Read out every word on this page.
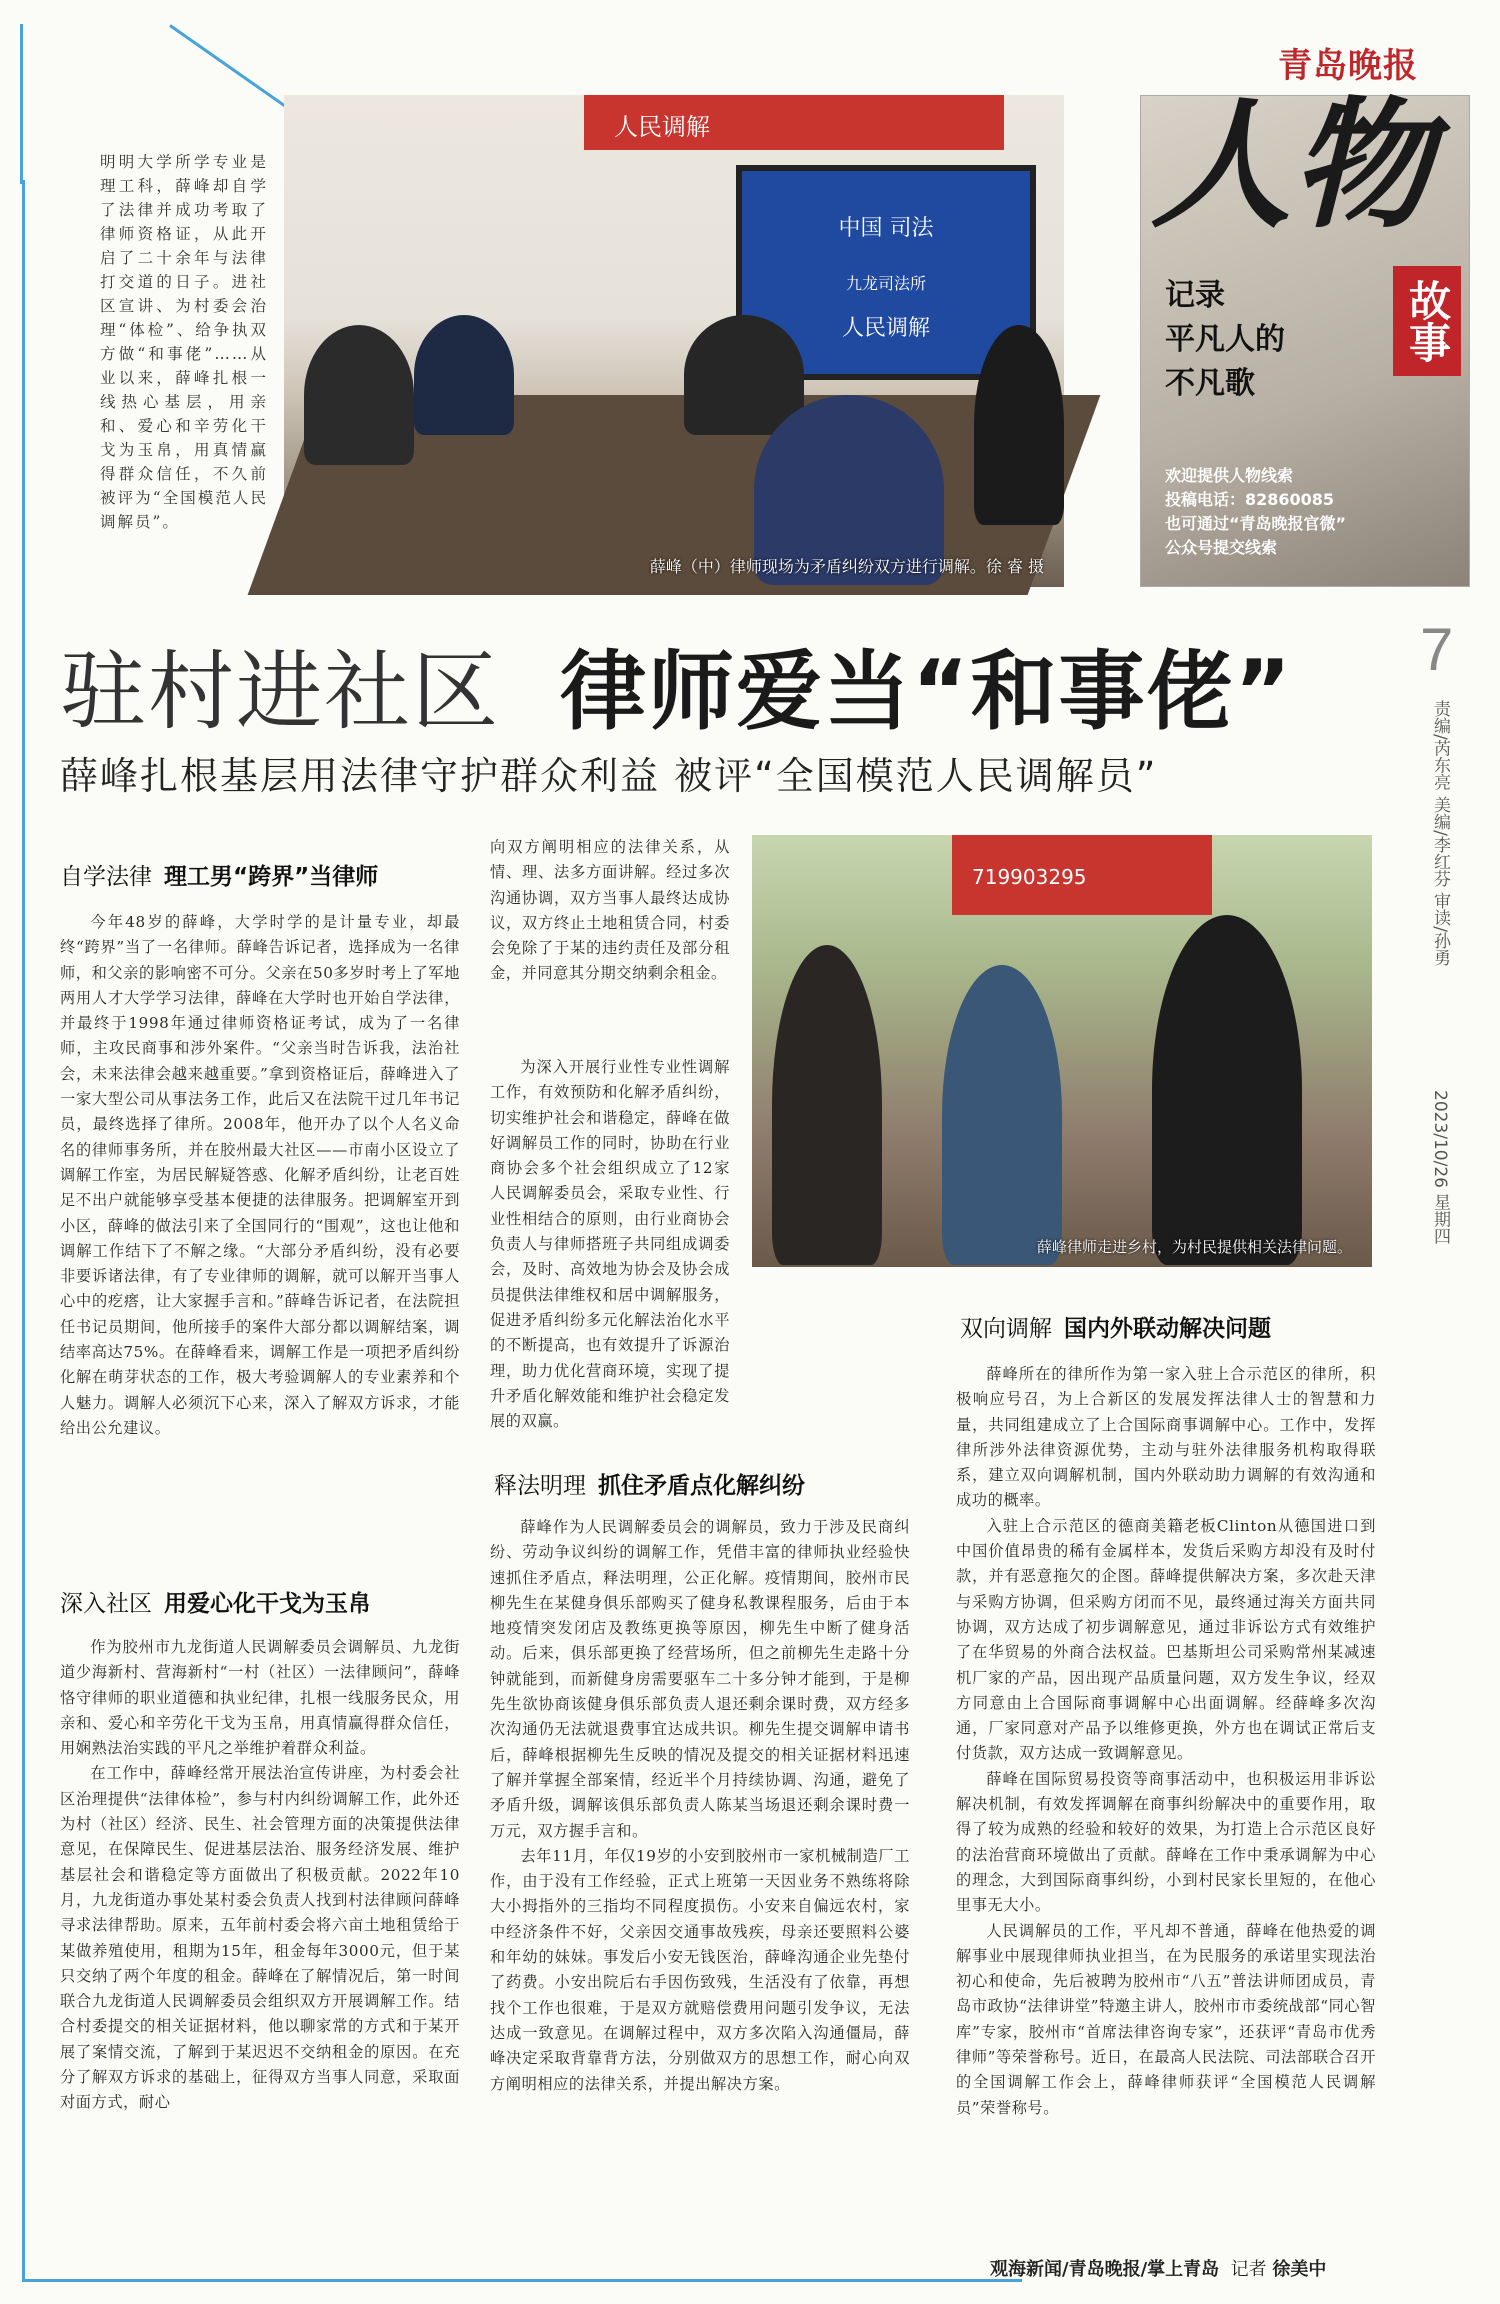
明明大学所学专业是理工科，薛峰却自学了法律并成功考取了律师资格证，从此开启了二十余年与法律打交道的日子。进社区宣讲、为村委会治理“体检”、给争执双方做“和事佬”……从业以来，薛峰扎根一线热心基层，用亲和、爱心和辛劳化干戈为玉帛，用真情赢得群众信任，不久前被评为“全国模范人民调解员”。
人民调解
中国 司法
九龙司法所
人民调解
薛峰（中）律师现场为矛盾纠纷双方进行调解。徐 睿 摄
青岛晚报
人物
故事
记录
平凡人的
不凡歌
欢迎提供人物线索
投稿电话：82860085
也可通过“青岛晚报官微”
公众号提交线索
7
责编/芮东亮 美编/李红芬 审读/孙勇
2023/10/26 星期四
驻村进社区 律师爱当“和事佬”
薛峰扎根基层用法律守护群众利益 被评“全国模范人民调解员”
自学法律 理工男“跨界”当律师

今年48岁的薛峰，大学时学的是计量专业，却最终“跨界”当了一名律师。薛峰告诉记者，选择成为一名律师，和父亲的影响密不可分。父亲在50多岁时考上了军地两用人才大学学习法律，薛峰在大学时也开始自学法律，并最终于1998年通过律师资格证考试，成为了一名律师，主攻民商事和涉外案件。“父亲当时告诉我，法治社会，未来法律会越来越重要。”拿到资格证后，薛峰进入了一家大型公司从事法务工作，此后又在法院干过几年书记员，最终选择了律所。2008年，他开办了以个人名义命名的律师事务所，并在胶州最大社区——市南小区设立了调解工作室，为居民解疑答惑、化解矛盾纠纷，让老百姓足不出户就能够享受基本便捷的法律服务。把调解室开到小区，薛峰的做法引来了全国同行的“围观”，这也让他和调解工作结下了不解之缘。“大部分矛盾纠纷，没有必要非要诉诸法律，有了专业律师的调解，就可以解开当事人心中的疙瘩，让大家握手言和。”薛峰告诉记者，在法院担任书记员期间，他所接手的案件大部分都以调解结案，调结率高达75%。在薛峰看来，调解工作是一项把矛盾纠纷化解在萌芽状态的工作，极大考验调解人的专业素养和个人魅力。调解人必须沉下心来，深入了解双方诉求，才能给出公允建议。

深入社区 用爱心化干戈为玉帛

作为胶州市九龙街道人民调解委员会调解员、九龙街道少海新村、营海新村“一村（社区）一法律顾问”，薛峰恪守律师的职业道德和执业纪律，扎根一线服务民众，用亲和、爱心和辛劳化干戈为玉帛，用真情赢得群众信任，用娴熟法治实践的平凡之举维护着群众利益。

在工作中，薛峰经常开展法治宣传讲座，为村委会社区治理提供“法律体检”，参与村内纠纷调解工作，此外还为村（社区）经济、民生、社会管理方面的决策提供法律意见，在保障民生、促进基层法治、服务经济发展、维护基层社会和谐稳定等方面做出了积极贡献。2022年10月，九龙街道办事处某村委会负责人找到村法律顾问薛峰寻求法律帮助。原来，五年前村委会将六亩土地租赁给于某做养殖使用，租期为15年，租金每年3000元，但于某只交纳了两个年度的租金。薛峰在了解情况后，第一时间联合九龙街道人民调解委员会组织双方开展调解工作。结合村委提交的相关证据材料，他以聊家常的方式和于某开展了案情交流，了解到于某迟迟不交纳租金的原因。在充分了解双方诉求的基础上，征得双方当事人同意，采取面对面方式，耐心

向双方阐明相应的法律关系，从情、理、法多方面讲解。经过多次沟通协调，双方当事人最终达成协议，双方终止土地租赁合同，村委会免除了于某的违约责任及部分租金，并同意其分期交纳剩余租金。

为深入开展行业性专业性调解工作，有效预防和化解矛盾纠纷，切实维护社会和谐稳定，薛峰在做好调解员工作的同时，协助在行业商协会多个社会组织成立了12家人民调解委员会，采取专业性、行业性相结合的原则，由行业商协会负责人与律师搭班子共同组成调委会，及时、高效地为协会及协会成员提供法律维权和居中调解服务，促进矛盾纠纷多元化解法治化水平的不断提高，也有效提升了诉源治理，助力优化营商环境，实现了提升矛盾化解效能和维护社会稳定发展的双赢。

释法明理 抓住矛盾点化解纠纷

薛峰作为人民调解委员会的调解员，致力于涉及民商纠纷、劳动争议纠纷的调解工作，凭借丰富的律师执业经验快速抓住矛盾点，释法明理，公正化解。疫情期间，胶州市民柳先生在某健身俱乐部购买了健身私教课程服务，后由于本地疫情突发闭店及教练更换等原因，柳先生中断了健身活动。后来，俱乐部更换了经营场所，但之前柳先生走路十分钟就能到，而新健身房需要驱车二十多分钟才能到，于是柳先生欲协商该健身俱乐部负责人退还剩余课时费，双方经多次沟通仍无法就退费事宜达成共识。柳先生提交调解申请书后，薛峰根据柳先生反映的情况及提交的相关证据材料迅速了解并掌握全部案情，经近半个月持续协调、沟通，避免了矛盾升级，调解该俱乐部负责人陈某当场退还剩余课时费一万元，双方握手言和。

去年11月，年仅19岁的小安到胶州市一家机械制造厂工作，由于没有工作经验，正式上班第一天因业务不熟练将除大小拇指外的三指均不同程度损伤。小安来自偏远农村，家中经济条件不好，父亲因交通事故残疾，母亲还要照料公婆和年幼的妹妹。事发后小安无钱医治，薛峰沟通企业先垫付了药费。小安出院后右手因伤致残，生活没有了依靠，再想找个工作也很难，于是双方就赔偿费用问题引发争议，无法达成一致意见。在调解过程中，双方多次陷入沟通僵局，薛峰决定采取背靠背方法，分别做双方的思想工作，耐心向双方阐明相应的法律关系，并提出解决方案。

719903295
薛峰律师走进乡村，为村民提供相关法律问题。
双向调解 国内外联动解决问题

薛峰所在的律所作为第一家入驻上合示范区的律所，积极响应号召，为上合新区的发展发挥法律人士的智慧和力量，共同组建成立了上合国际商事调解中心。工作中，发挥律所涉外法律资源优势，主动与驻外法律服务机构取得联系，建立双向调解机制，国内外联动助力调解的有效沟通和成功的概率。

入驻上合示范区的德商美籍老板Clinton从德国进口到中国价值昂贵的稀有金属样本，发货后采购方却没有及时付款，并有恶意拖欠的企图。薛峰提供解决方案，多次赴天津与采购方协调，但采购方闭而不见，最终通过海关方面共同协调，双方达成了初步调解意见，通过非诉讼方式有效维护了在华贸易的外商合法权益。巴基斯坦公司采购常州某减速机厂家的产品，因出现产品质量问题，双方发生争议，经双方同意由上合国际商事调解中心出面调解。经薛峰多次沟通，厂家同意对产品予以维修更换，外方也在调试正常后支付货款，双方达成一致调解意见。

薛峰在国际贸易投资等商事活动中，也积极运用非诉讼解决机制，有效发挥调解在商事纠纷解决中的重要作用，取得了较为成熟的经验和较好的效果，为打造上合示范区良好的法治营商环境做出了贡献。薛峰在工作中秉承调解为中心的理念，大到国际商事纠纷，小到村民家长里短的，在他心里事无大小。

人民调解员的工作，平凡却不普通，薛峰在他热爱的调解事业中展现律师执业担当，在为民服务的承诺里实现法治初心和使命，先后被聘为胶州市“八五”普法讲师团成员，青岛市政协“法律讲堂”特邀主讲人，胶州市市委统战部“同心智库”专家，胶州市“首席法律咨询专家”，还获评“青岛市优秀律师”等荣誉称号。近日，在最高人民法院、司法部联合召开的全国调解工作会上，薛峰律师获评“全国模范人民调解员”荣誉称号。

观海新闻/青岛晚报/掌上青岛 记者 徐美中
